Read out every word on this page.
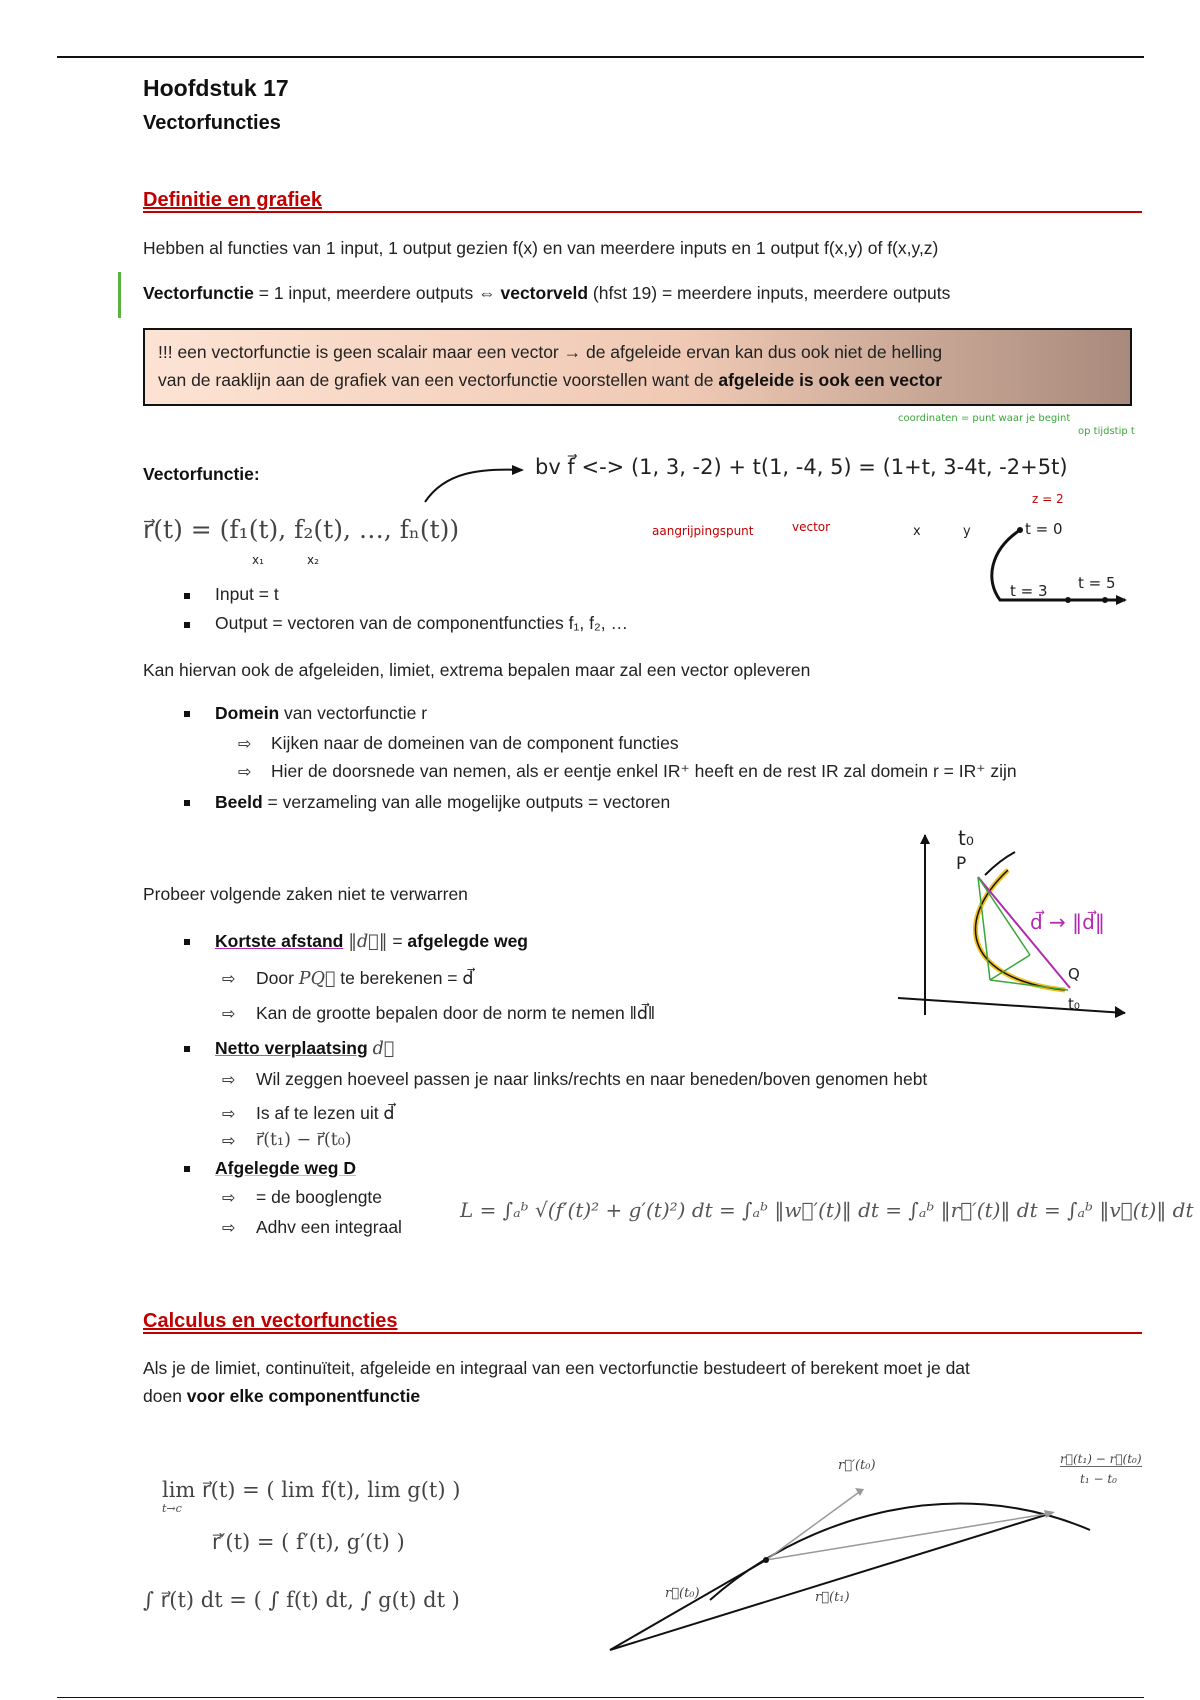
Hoofdstuk 17
Vectorfuncties
Definitie en grafiek
Hebben al functies van 1 input, 1 output gezien f(x) en van meerdere inputs en 1 output f(x,y) of f(x,y,z)
Vectorfunctie = 1 input, meerdere outputs ⇔ vectorveld (hfst 19) = meerdere inputs, meerdere outputs
!!! een vectorfunctie is geen scalair maar een vector → de afgeleide ervan kan dus ook niet de helling
van de raaklijn aan de grafiek van een vectorfunctie voorstellen want de afgeleide is ook een vector
coordinaten = punt waar je begint
op tijdstip t
Vectorfunctie:
r⃗(t) = (f₁(t), f₂(t), …, fₙ(t))
x₁	x₂
Input = t
Output = vectoren van de componentfuncties f₁, f₂, …
bv f⃗ <-> (1, 3, -2) + t(1, -4, 5) = (1+t, 3-4t, -2+5t)
aangrijpingspunt	vector	x	y
z = 2
t = 0
t = 3 t = 5
Kan hiervan ook de afgeleiden, limiet, extrema bepalen maar zal een vector opleveren
Domein van vectorfunctie r
⇨ Kijken naar de domeinen van de component functies
⇨ Hier de doorsnede van nemen, als er eentje enkel IR⁺ heeft en de rest IR zal domein r = IR⁺ zijn
Beeld = verzameling van alle mogelijke outputs = vectoren
t₀
P
Q
t₀
d⃗ → ‖d⃗‖
Probeer volgende zaken niet te verwarren
Kortste afstand ‖d⃗‖ = afgelegde weg
⇨ Door PQ⃗ te berekenen = d⃗
⇨ Kan de grootte bepalen door de norm te nemen ‖d⃗‖
Netto verplaatsing d⃗
⇨ Wil zeggen hoeveel passen je naar links/rechts en naar beneden/boven genomen hebt
⇨ Is af te lezen uit d⃗
⇨ r⃗(t₁) − r⃗(t₀)
Afgelegde weg D
⇨ = de booglengte
⇨ Adhv een integraal
L = ∫ₐᵇ √(f′(t)² + g′(t)²) dt = ∫ₐᵇ ‖w⃗′(t)‖ dt = ∫ₐᵇ ‖r⃗′(t)‖ dt = ∫ₐᵇ ‖v⃗(t)‖ dt
Calculus en vectorfuncties
Als je de limiet, continuïteit, afgeleide en integraal van een vectorfunctie bestudeert of berekent moet je dat
doen voor elke componentfunctie
lim r⃗(t) = ( lim f(t), lim g(t) )
t→c
r⃗′(t) = ( f′(t), g′(t) )
∫ r⃗(t) dt = ( ∫ f(t) dt, ∫ g(t) dt )
r⃗′(t₀)
r⃗(t₀)	r⃗(t₁)
r⃗(t₁) − r⃗(t₀)
t₁ − t₀
